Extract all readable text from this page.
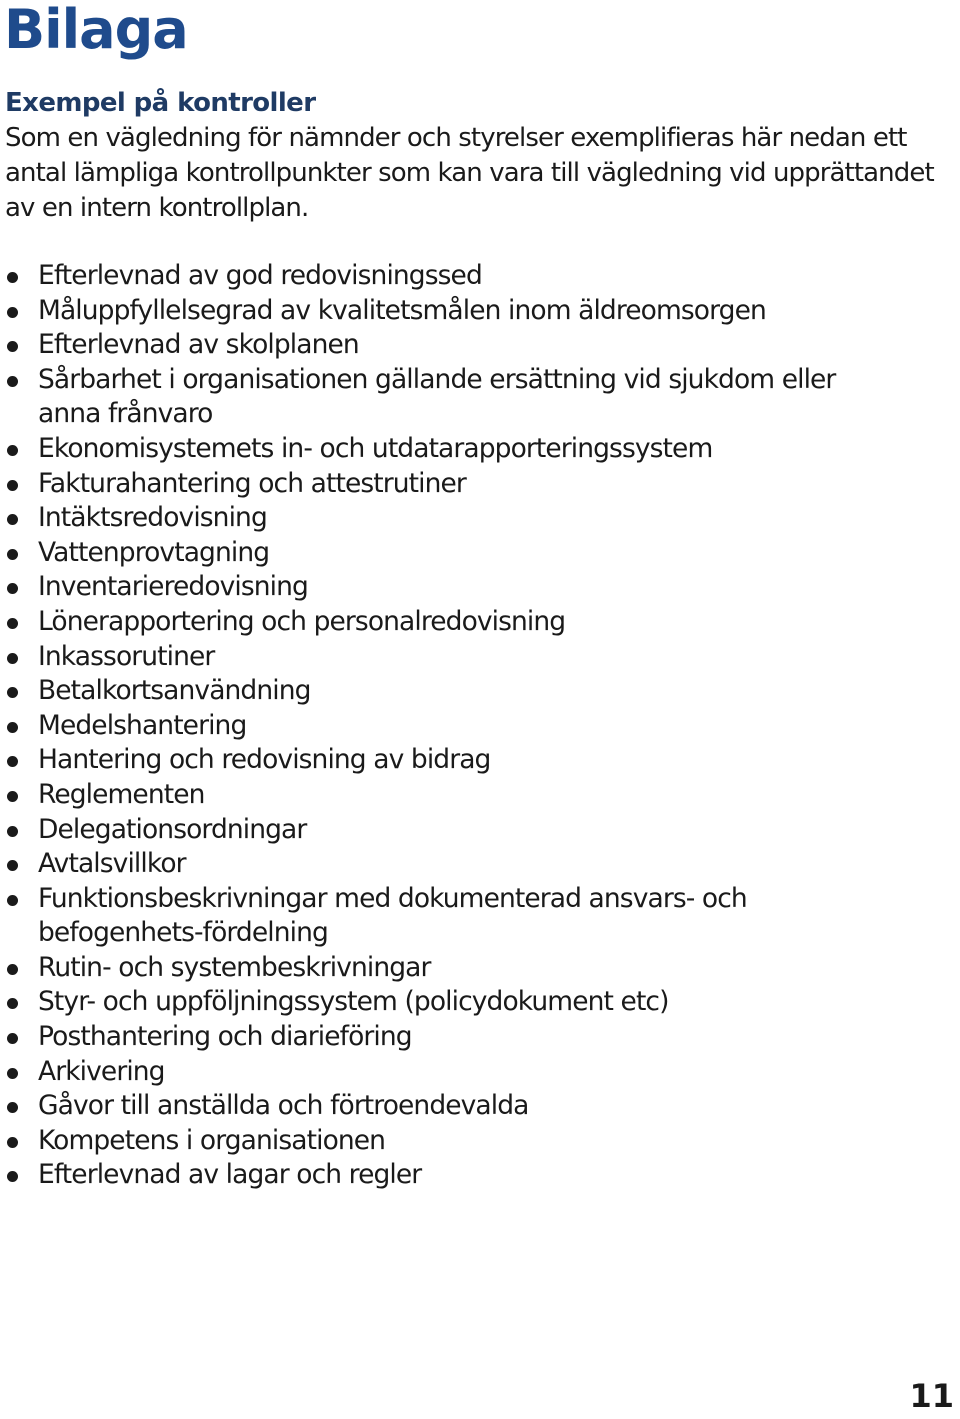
Bilaga
Exempel på kontroller

Som en vägledning för nämnder och styrelser exemplifieras här nedan ett antal lämpliga kontrollpunkter som kan vara till vägledning vid upprättandet av en intern kontrollplan.

Efterlevnad av god redovisningssed
Måluppfyllelsegrad av kvalitetsmålen inom äldreomsorgen
Efterlevnad av skolplanen
Sårbarhet i organisationen gällande ersättning vid sjukdom eller anna frånvaro
Ekonomisystemets in- och utdatarapporteringssystem
Fakturahantering och attestrutiner
Intäktsredovisning
Vattenprovtagning
Inventarieredovisning
Lönerapportering och personalredovisning
Inkassorutiner
Betalkortsanvändning
Medelshantering
Hantering och redovisning av bidrag
Reglementen
Delegationsordningar
Avtalsvillkor
Funktionsbeskrivningar med dokumenterad ansvars- och befogenhets-fördelning
Rutin- och systembeskrivningar
Styr- och uppföljningssystem (policydokument etc)
Posthantering och diarieföring
Arkivering
Gåvor till anställda och förtroendevalda
Kompetens i organisationen
Efterlevnad av lagar och regler
11
